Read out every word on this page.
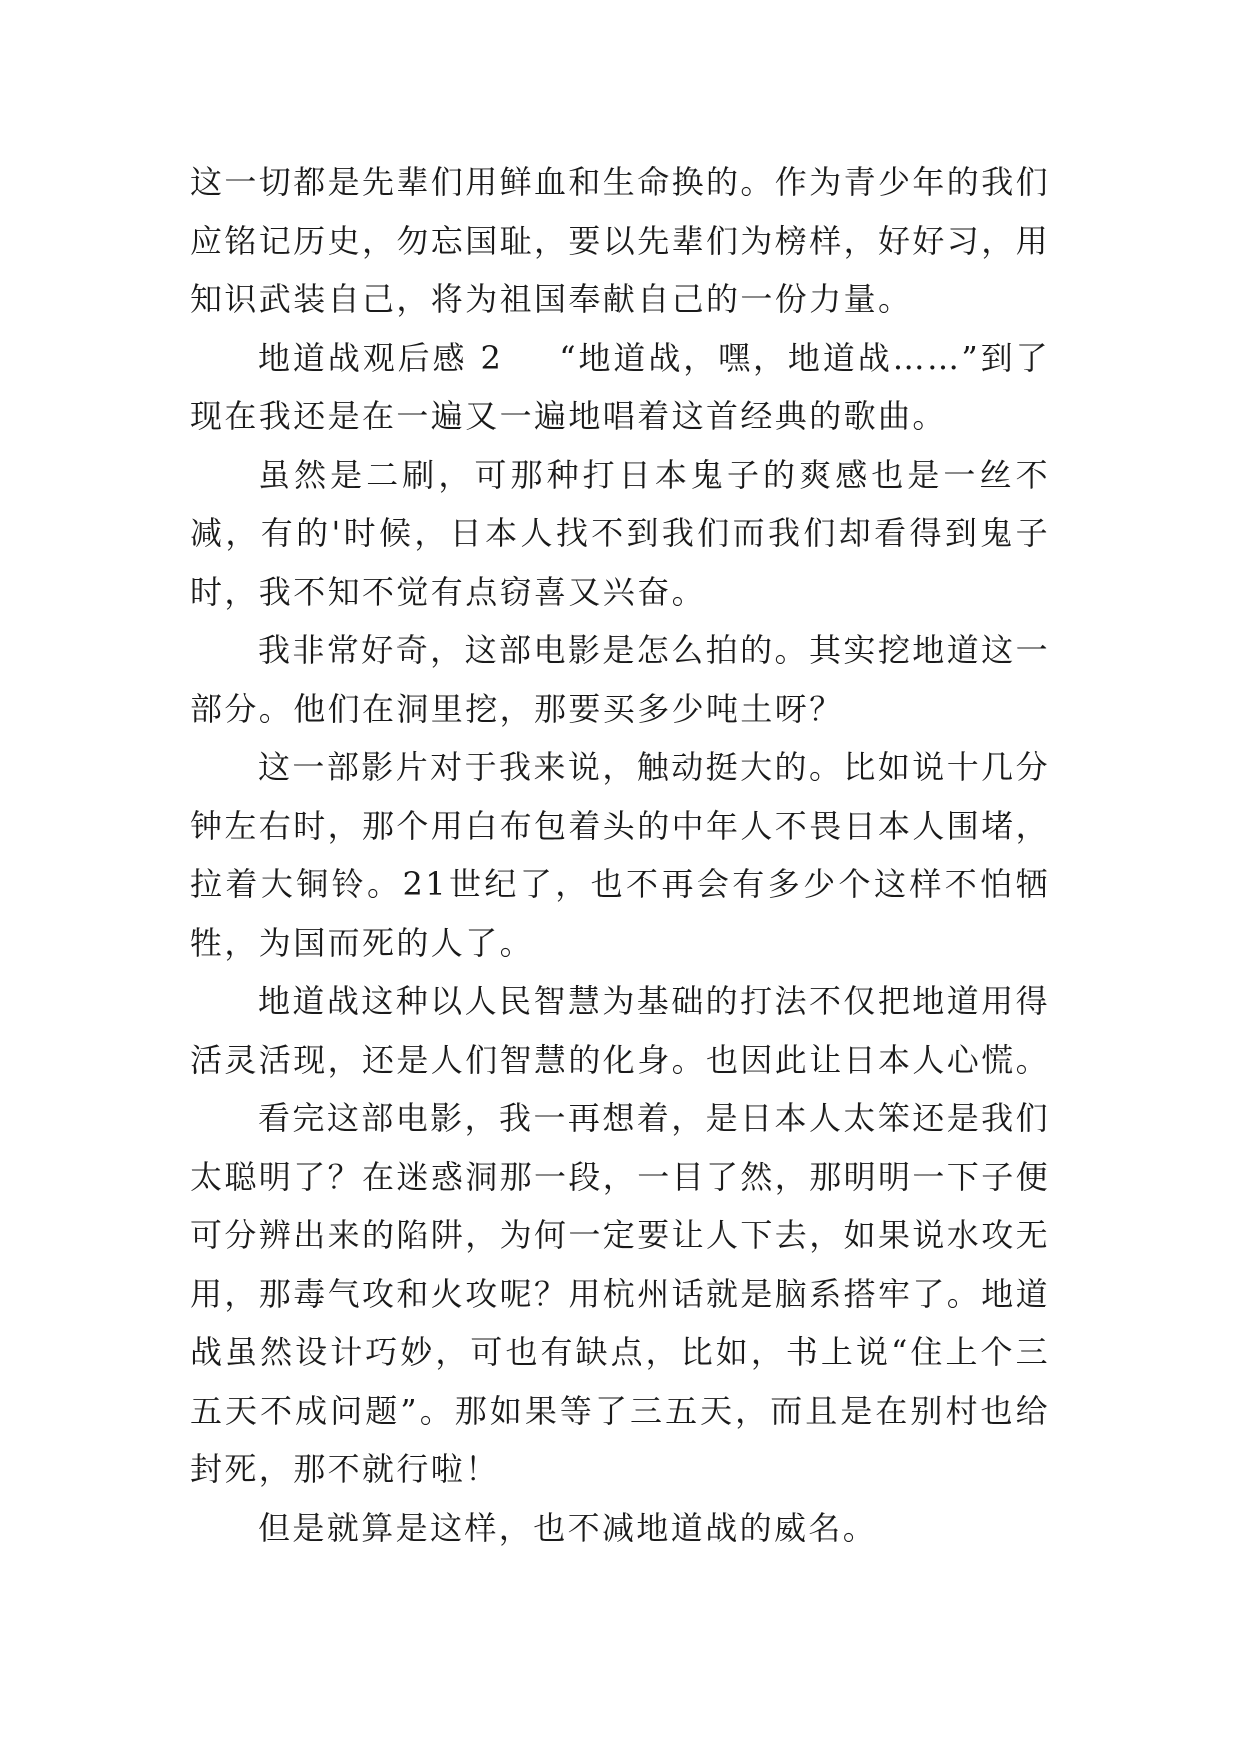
这一切都是先辈们用鲜血和生命换的。作为青少年的我们应铭记历史，勿忘国耻，要以先辈们为榜样，好好习，用知识武装自己，将为祖国奉献自己的一份力量。

地道战观后感 2 “地道战，嘿，地道战……”到了现在我还是在一遍又一遍地唱着这首经典的歌曲。

虽然是二刷，可那种打日本鬼子的爽感也是一丝不减，有的'时候，日本人找不到我们而我们却看得到鬼子时，我不知不觉有点窃喜又兴奋。

我非常好奇，这部电影是怎么拍的。其实挖地道这一部分。他们在洞里挖，那要买多少吨土呀？

这一部影片对于我来说，触动挺大的。比如说十几分钟左右时，那个用白布包着头的中年人不畏日本人围堵，拉着大铜铃。21世纪了，也不再会有多少个这样不怕牺牲，为国而死的人了。

地道战这种以人民智慧为基础的打法不仅把地道用得活灵活现，还是人们智慧的化身。也因此让日本人心慌。

看完这部电影，我一再想着，是日本人太笨还是我们太聪明了？在迷惑洞那一段，一目了然，那明明一下子便可分辨出来的陷阱，为何一定要让人下去，如果说水攻无用，那毒气攻和火攻呢？用杭州话就是脑系搭牢了。地道战虽然设计巧妙，可也有缺点，比如，书上说“住上个三五天不成问题”。那如果等了三五天，而且是在别村也给封死，那不就行啦！

但是就算是这样，也不减地道战的威名。
